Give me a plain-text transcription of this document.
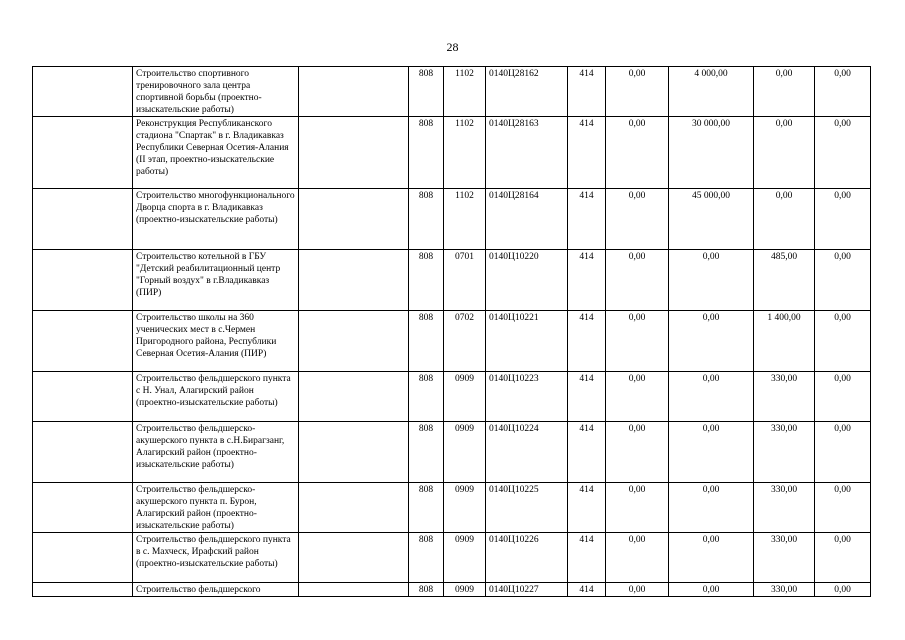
28
	Строительство спортивного тренировочного зала центра спортивной борьбы (проектно-изыскательские работы)		808	1102	0140Ц28162	414	0,00	4 000,00	0,00	0,00
	Реконструкция Республиканского стадиона "Спартак" в г. Владикавказ Республики Северная Осетия-Алания (II этап, проектно-изыскательские работы)		808	1102	0140Ц28163	414	0,00	30 000,00	0,00	0,00
	Строительство многофункционального Дворца спорта в г. Владикавказ (проектно-изыскательские работы)		808	1102	0140Ц28164	414	0,00	45 000,00	0,00	0,00
	Строительство котельной в ГБУ "Детский реабилитационный центр "Горный воздух" в г.Владикавказ (ПИР)		808	0701	0140Ц10220	414	0,00	0,00	485,00	0,00
	Строительство школы на 360 ученических мест в с.Чермен Пригородного района, Республики Северная Осетия-Алания (ПИР)		808	0702	0140Ц10221	414	0,00	0,00	1 400,00	0,00
	Строительство фельдшерского пункта с Н. Унал, Алагирский район (проектно-изыскательские работы)		808	0909	0140Ц10223	414	0,00	0,00	330,00	0,00
	Строительство фельдшерско-акушерского пункта в с.Н.Бирагзанг, Алагирский район (проектно-изыскательские работы)		808	0909	0140Ц10224	414	0,00	0,00	330,00	0,00
	Строительство фельдшерско-акушерского пункта п. Бурон, Алагирский район (проектно-изыскательские работы)		808	0909	0140Ц10225	414	0,00	0,00	330,00	0,00
	Строительство фельдшерского пункта в с. Махческ, Ирафский район (проектно-изыскательские работы)		808	0909	0140Ц10226	414	0,00	0,00	330,00	0,00
	Строительство фельдшерского		808	0909	0140Ц10227	414	0,00	0,00	330,00	0,00
